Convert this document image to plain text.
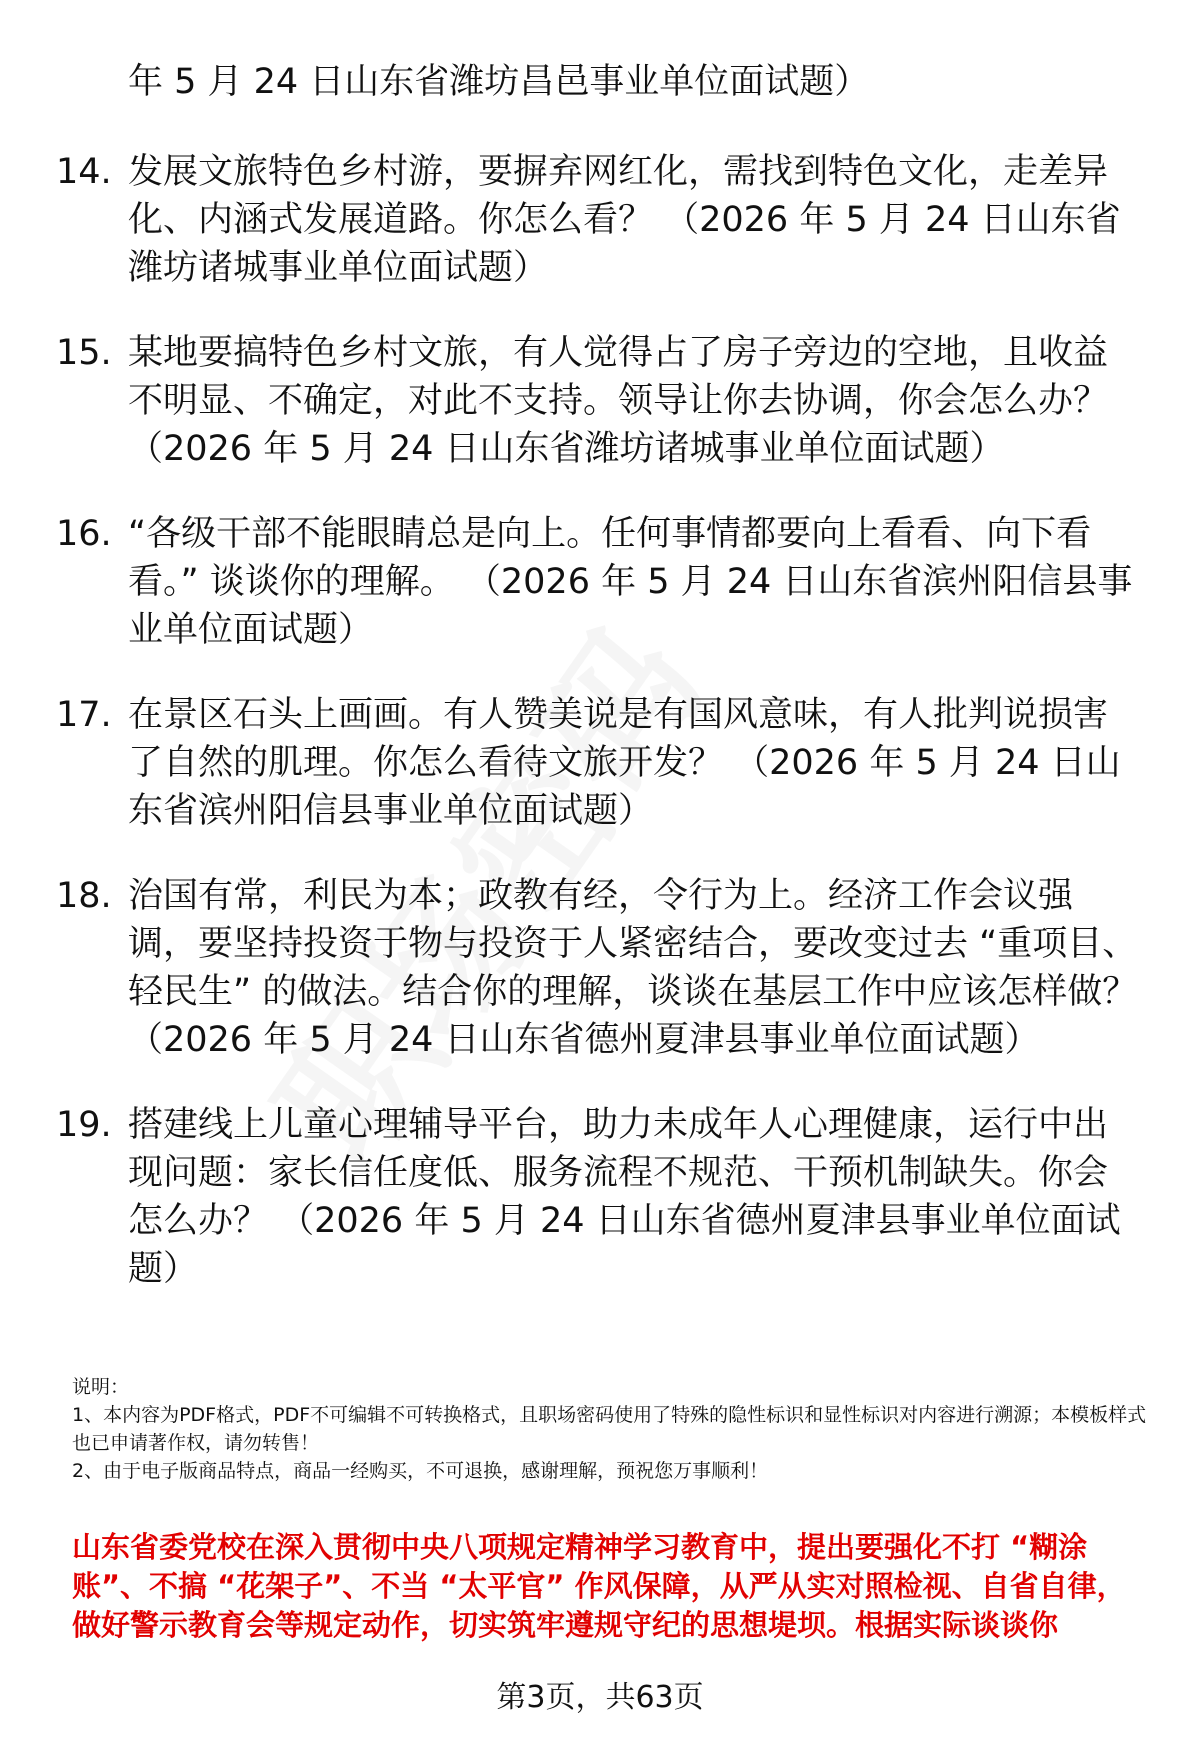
年 5 月 24 日山东省潍坊昌邑事业单位面试题）
14. 发展文旅特色乡村游，要摒弃网红化，需找到特色文化，走差异化、内涵式发展道路。你怎么看？ （2026 年 5 月 24 日山东省潍坊诸城事业单位面试题）
15. 某地要搞特色乡村文旅，有人觉得占了房子旁边的空地，且收益不明显、不确定，对此不支持。领导让你去协调，你会怎么办？ （2026 年 5 月 24 日山东省潍坊诸城事业单位面试题）
16. “各级干部不能眼睛总是向上。任何事情都要向上看看、向下看看。” 谈谈你的理解。 （2026 年 5 月 24 日山东省滨州阳信县事业单位面试题）
17. 在景区石头上画画。有人赞美说是有国风意味，有人批判说损害了自然的肌理。你怎么看待文旅开发？ （2026 年 5 月 24 日山东省滨州阳信县事业单位面试题）
18. 治国有常，利民为本；政教有经，令行为上。经济工作会议强调，要坚持投资于物与投资于人紧密结合，要改变过去 “重项目、轻民生” 的做法。结合你的理解，谈谈在基层工作中应该怎样做？ （2026 年 5 月 24 日山东省德州夏津县事业单位面试题）
19. 搭建线上儿童心理辅导平台，助力未成年人心理健康，运行中出现问题：家长信任度低、服务流程不规范、干预机制缺失。你会怎么办？ （2026 年 5 月 24 日山东省德州夏津县事业单位面试题）

说明：

1、本内容为PDF格式，PDF不可编辑不可转换格式，且职场密码使用了特殊的隐性标识和显性标识对内容进行溯源；本模板样式也已申请著作权，请勿转售！

2、由于电子版商品特点，商品一经购买，不可退换，感谢理解，预祝您万事顺利！

山东省委党校在深入贯彻中央八项规定精神学习教育中，提出要强化不打 “糊涂账”、不搞 “花架子”、不当 “太平官” 作风保障，从严从实对照检视、自省自律，做好警示教育会等规定动作，切实筑牢遵规守纪的思想堤坝。根据实际谈谈你
第3页，共63页
